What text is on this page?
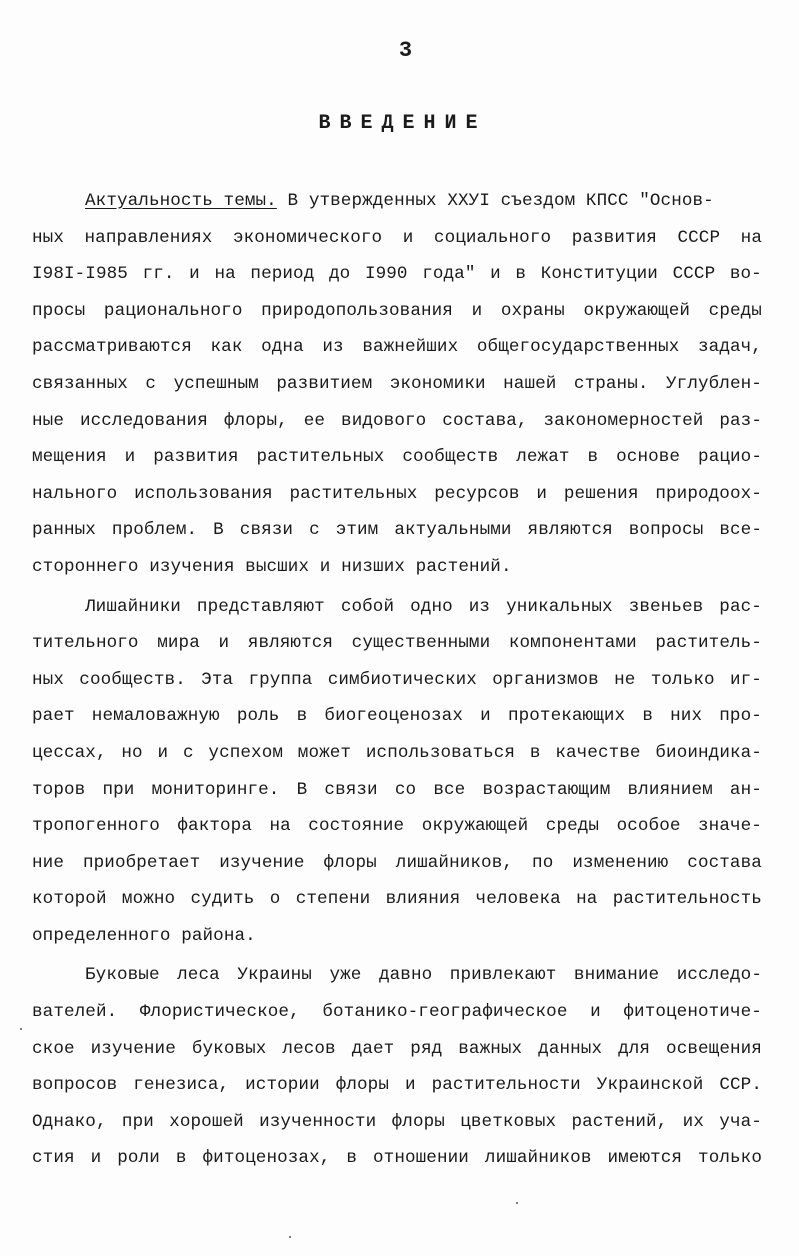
3
ВВЕДЕНИЕ
Актуальность темы. В утвержденных ХХУI съездом КПСС "Основ-
ных направлениях экономического и социального развития СССР на
I98I-I985 гг. и на период до I990 года" и в Конституции СССР во-
просы рационального природопользования и охраны окружающей среды
рассматриваются как одна из важнейших общегосударственных задач,
связанных с успешным развитием экономики нашей страны. Углублен-
ные исследования флоры, ее видового состава, закономерностей раз-
мещения и развития растительных сообществ лежат в основе рацио-
нального использования растительных ресурсов и решения природоох-
ранных проблем. В связи с этим актуальными являются вопросы все-
стороннего изучения высших и низших растений.
Лишайники представляют собой одно из уникальных звеньев рас-
тительного мира и являются существенными компонентами раститель-
ных сообществ. Эта группа симбиотических организмов не только иг-
рает немаловажную роль в биогеоценозах и протекающих в них про-
цессах, но и с успехом может использоваться в качестве биоиндика-
торов при мониторинге. В связи со все возрастающим влиянием ан-
тропогенного фактора на состояние окружающей среды особое значе-
ние приобретает изучение флоры лишайников, по изменению состава
которой можно судить о степени влияния человека на растительность
определенного района.
Буковые леса Украины уже давно привлекают внимание исследо-
вателей. Флористическое, ботанико-географическое и фитоценотиче-
ское изучение буковых лесов дает ряд важных данных для освещения
вопросов генезиса, истории флоры и растительности Украинской ССР.
Однако, при хорошей изученности флоры цветковых растений, их уча-
стия и роли в фитоценозах, в отношении лишайников имеются только
